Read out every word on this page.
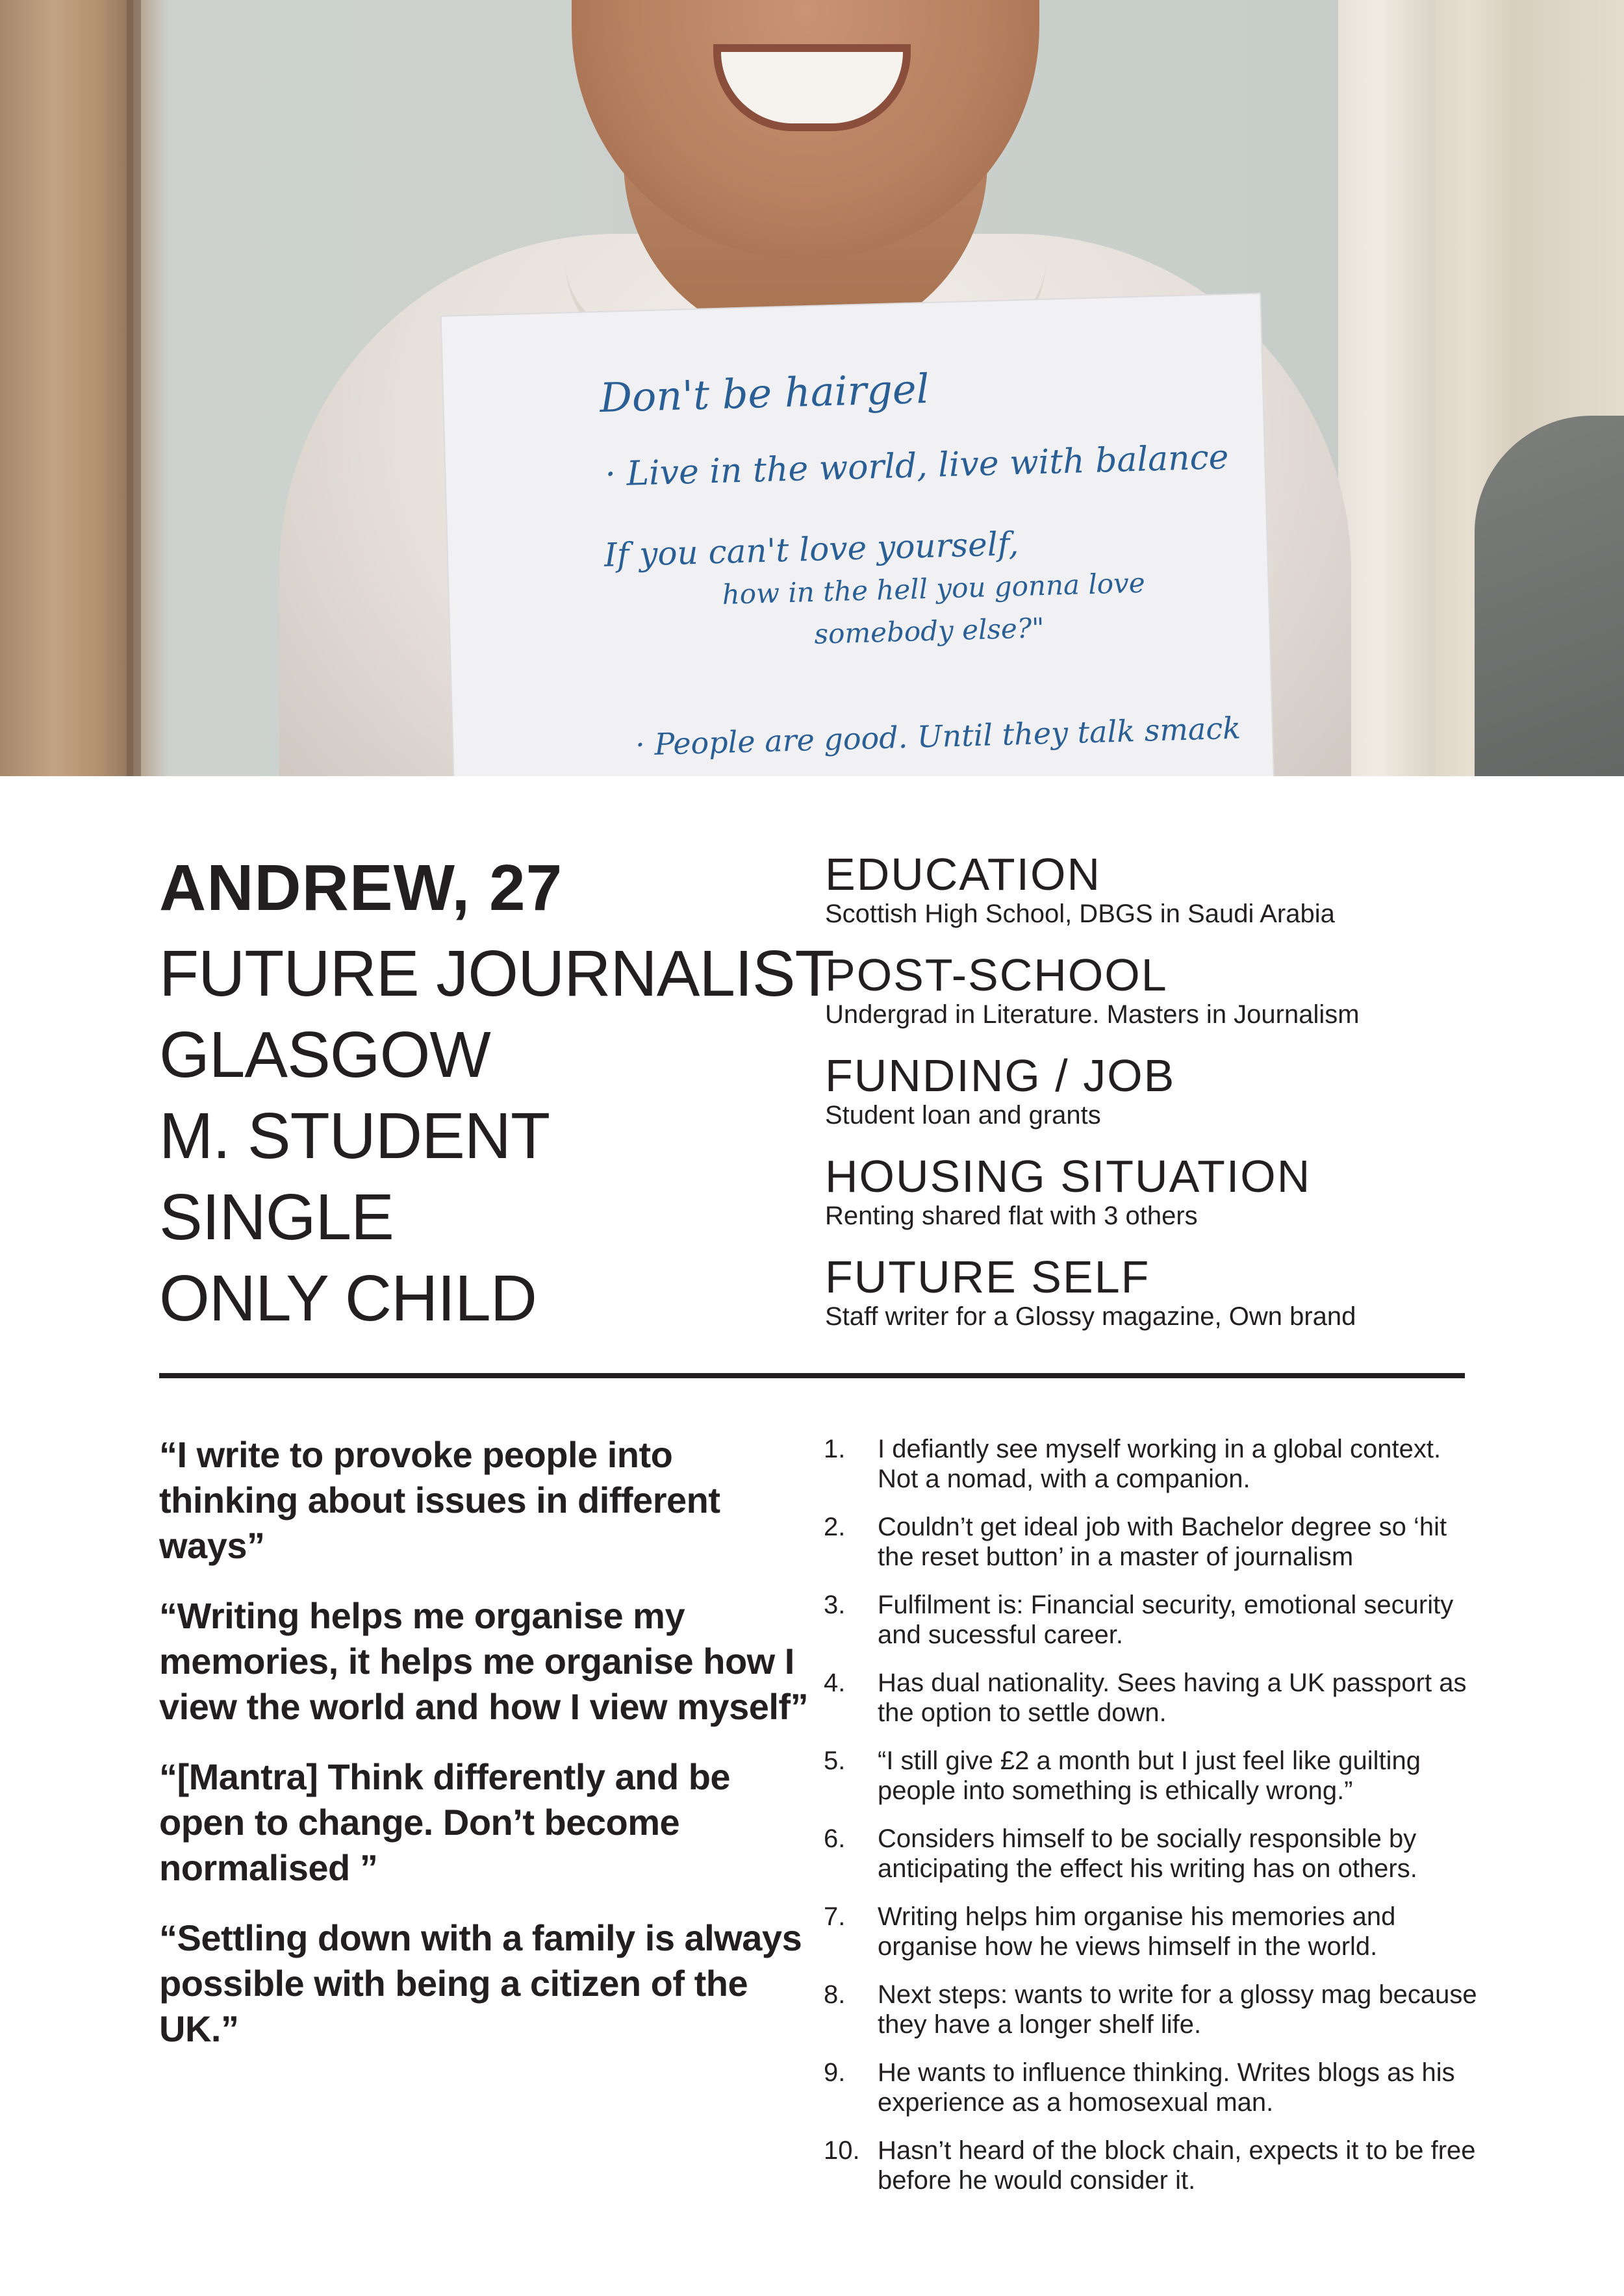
Don't be hairgel
· Live in the world, live with balance
If you can't love yourself,
how in the hell you gonna love
somebody else?"
· People are good. Until they talk smack
ANDREW, 27
FUTURE JOURNALIST
GLASGOW
M. STUDENT
SINGLE
ONLY CHILD
EDUCATION
Scottish High School, DBGS in Saudi Arabia
POST-SCHOOL
Undergrad in Literature. Masters in Journalism
FUNDING / JOB
Student loan and grants
HOUSING SITUATION
Renting shared flat with 3 others
FUTURE SELF
Staff writer for a Glossy magazine, Own brand

“I write to provoke people into thinking about issues in different ways”

“Writing helps me organise my memories, it helps me organise how I view the world and how I view myself”

“[Mantra] Think differently and be open to change. Don’t become normalised ”

“Settling down with a family is always possible with being a citizen of the UK.”

1. I defiantly see myself working in a global context. Not a nomad, with a companion.
2. Couldn’t get ideal job with Bachelor degree so ‘hit the reset button’ in a master of journalism
3. Fulfilment is: Financial security, emotional security and sucessful career.
4. Has dual nationality. Sees having a UK passport as the option to settle down.
5. “I still give £2 a month but I just feel like guilting people into something is ethically wrong.”
6. Considers himself to be socially responsible by anticipating the effect his writing has on others.
7. Writing helps him organise his memories and organise how he views himself in the world.
8. Next steps: wants to write for a glossy mag because they have a longer shelf life.
9. He wants to influence thinking. Writes blogs as his experience as a homosexual man.
10. Hasn’t heard of the block chain, expects it to be free before he would consider it.
